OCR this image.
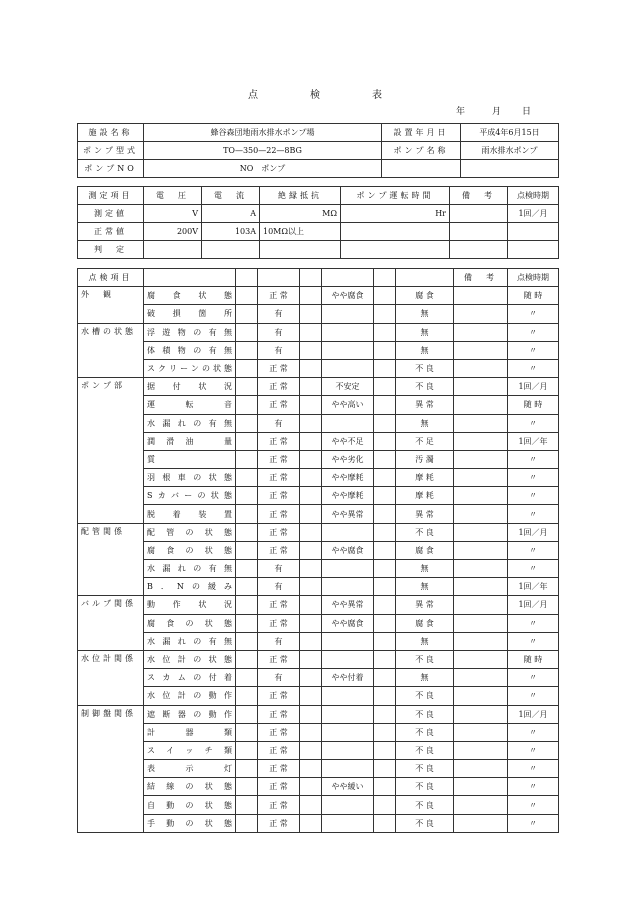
点検表
年	月 日
施設名称	蜂谷森団地雨水排水ポンプ場	設置年月日	平成4年6月15日
ポンプ型式	TO—350—22—8BG	ポンプ名称	雨水排水ポンプ
ポンプNO	NO　ポンプ		
測定項目	電　圧	電　流	絶縁抵抗	ポンプ運転時間	備　考	点検時期
測定値	V	A	MΩ	Hr		1回／月
正常値	200V	103A	10MΩ以上			
判　定						
点検項目								備　考	点検時期
外　観	腐食状態		正 常		やや腐食		腐 食		随 時
	破損箇所		有				無		〃
水槽の状態	浮遊物の有無		有				無		〃
	体積物の有無		有				無		〃
	スクリーンの状態		正 常				不 良		〃
ポンプ部	据付状況		正 常		不安定		不 良		1回／月
	運転音		正 常		やや高い		異 常		随 時
	水漏れの有無		有				無		〃
	潤滑油　量		正 常		やや不足		不 足		1回／年
	質		正 常		やや劣化		汚 濁		〃
	羽根車の状態		正 常		やや摩耗		摩 耗		〃
	Sカバーの状態		正 常		やや摩耗		摩 耗		〃
	脱着装置		正 常		やや異常		異 常		〃
配管関係	配管の状態		正 常				不 良		1回／月
	腐食の状態		正 常		やや腐食		腐 食		〃
	水漏れの有無		有				無		〃
	B．Nの緩み		有				無		1回／年
バルブ関係	動作状況		正 常		やや異常		異 常		1回／月
	腐食の状態		正 常		やや腐食		腐 食		〃
	水漏れの有無		有				無		〃
水位計関係	水位計の状態		正 常				不 良		随 時
	スカムの付着		有		やや付着		無		〃
	水位計の動作		正 常				不 良		〃
制御盤関係	遮断器の動作		正 常				不 良		1回／月
	計器類		正 常				不 良		〃
	スイッチ類		正 常				不 良		〃
	表示灯		正 常				不 良		〃
	結線の状態		正 常		やや緩い		不 良		〃
	自動の状態		正 常				不 良		〃
	手動の状態		正 常				不 良		〃
